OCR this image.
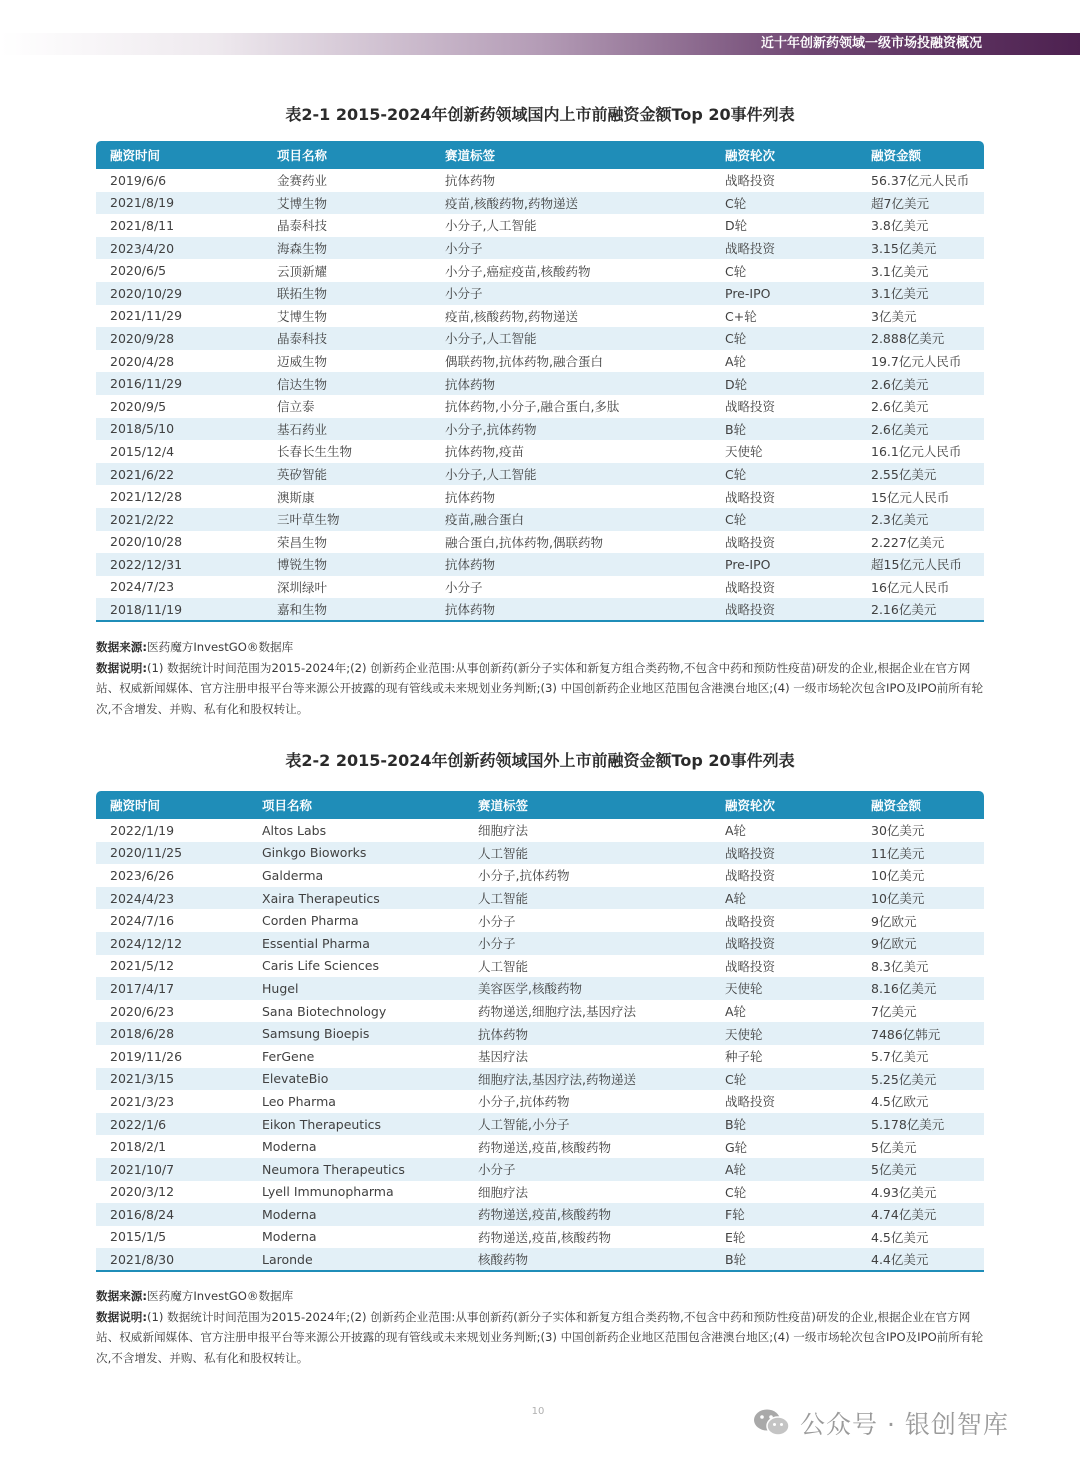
近十年创新药领域一级市场投融资概况
表2-1 2015-2024年创新药领域国内上市前融资金额Top 20事件列表
融资时间	项目名称	赛道标签	融资轮次	融资金额
2019/6/6	金赛药业	抗体药物	战略投资	56.37亿元人民币
2021/8/19	艾博生物	疫苗,核酸药物,药物递送	C轮	超7亿美元
2021/8/11	晶泰科技	小分子,人工智能	D轮	3.8亿美元
2023/4/20	海森生物	小分子	战略投资	3.15亿美元
2020/6/5	云顶新耀	小分子,癌症疫苗,核酸药物	C轮	3.1亿美元
2020/10/29	联拓生物	小分子	Pre-IPO	3.1亿美元
2021/11/29	艾博生物	疫苗,核酸药物,药物递送	C+轮	3亿美元
2020/9/28	晶泰科技	小分子,人工智能	C轮	2.888亿美元
2020/4/28	迈威生物	偶联药物,抗体药物,融合蛋白	A轮	19.7亿元人民币
2016/11/29	信达生物	抗体药物	D轮	2.6亿美元
2020/9/5	信立泰	抗体药物,小分子,融合蛋白,多肽	战略投资	2.6亿美元
2018/5/10	基石药业	小分子,抗体药物	B轮	2.6亿美元
2015/12/4	长春长生生物	抗体药物,疫苗	天使轮	16.1亿元人民币
2021/6/22	英矽智能	小分子,人工智能	C轮	2.55亿美元
2021/12/28	澳斯康	抗体药物	战略投资	15亿元人民币
2021/2/22	三叶草生物	疫苗,融合蛋白	C轮	2.3亿美元
2020/10/28	荣昌生物	融合蛋白,抗体药物,偶联药物	战略投资	2.227亿美元
2022/12/31	博锐生物	抗体药物	Pre-IPO	超15亿元人民币
2024/7/23	深圳绿叶	小分子	战略投资	16亿元人民币
2018/11/19	嘉和生物	抗体药物	战略投资	2.16亿美元
数据来源:医药魔方InvestGO®数据库
数据说明:(1) 数据统计时间范围为2015-2024年;(2) 创新药企业范围:从事创新药(新分子实体和新复方组合类药物,不包含中药和预防性疫苗)研发的企业,根据企业在官方网站、权威新闻媒体、官方注册申报平台等来源公开披露的现有管线或未来规划业务判断;(3) 中国创新药企业地区范围包含港澳台地区;(4) 一级市场轮次包含IPO及IPO前所有轮次,不含增发、并购、私有化和股权转让。
表2-2 2015-2024年创新药领域国外上市前融资金额Top 20事件列表
融资时间	项目名称	赛道标签	融资轮次	融资金额
2022/1/19	Altos Labs	细胞疗法	A轮	30亿美元
2020/11/25	Ginkgo Bioworks	人工智能	战略投资	11亿美元
2023/6/26	Galderma	小分子,抗体药物	战略投资	10亿美元
2024/4/23	Xaira Therapeutics	人工智能	A轮	10亿美元
2024/7/16	Corden Pharma	小分子	战略投资	9亿欧元
2024/12/12	Essential Pharma	小分子	战略投资	9亿欧元
2021/5/12	Caris Life Sciences	人工智能	战略投资	8.3亿美元
2017/4/17	Hugel	美容医学,核酸药物	天使轮	8.16亿美元
2020/6/23	Sana Biotechnology	药物递送,细胞疗法,基因疗法	A轮	7亿美元
2018/6/28	Samsung Bioepis	抗体药物	天使轮	7486亿韩元
2019/11/26	FerGene	基因疗法	种子轮	5.7亿美元
2021/3/15	ElevateBio	细胞疗法,基因疗法,药物递送	C轮	5.25亿美元
2021/3/23	Leo Pharma	小分子,抗体药物	战略投资	4.5亿欧元
2022/1/6	Eikon Therapeutics	人工智能,小分子	B轮	5.178亿美元
2018/2/1	Moderna	药物递送,疫苗,核酸药物	G轮	5亿美元
2021/10/7	Neumora Therapeutics	小分子	A轮	5亿美元
2020/3/12	Lyell Immunopharma	细胞疗法	C轮	4.93亿美元
2016/8/24	Moderna	药物递送,疫苗,核酸药物	F轮	4.74亿美元
2015/1/5	Moderna	药物递送,疫苗,核酸药物	E轮	4.5亿美元
2021/8/30	Laronde	核酸药物	B轮	4.4亿美元
数据来源:医药魔方InvestGO®数据库
数据说明:(1) 数据统计时间范围为2015-2024年;(2) 创新药企业范围:从事创新药(新分子实体和新复方组合类药物,不包含中药和预防性疫苗)研发的企业,根据企业在官方网站、权威新闻媒体、官方注册申报平台等来源公开披露的现有管线或未来规划业务判断;(3) 中国创新药企业地区范围包含港澳台地区;(4) 一级市场轮次包含IPO及IPO前所有轮次,不含增发、并购、私有化和股权转让。
10	公众号 · 银创智库
